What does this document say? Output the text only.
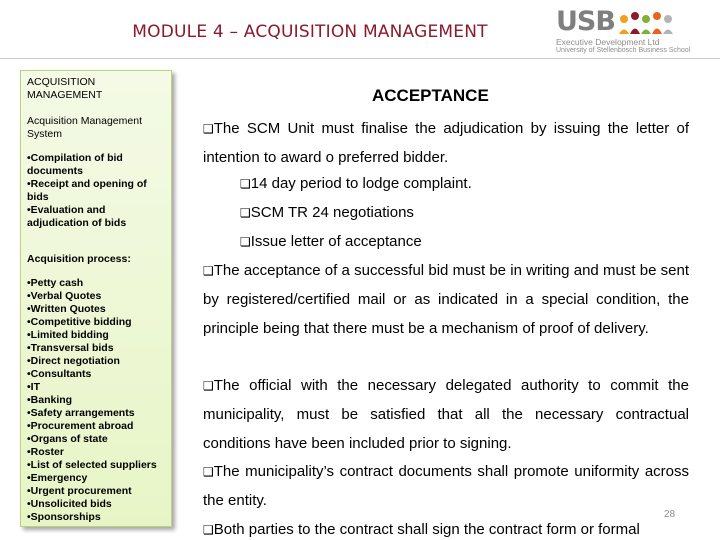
MODULE 4 – ACQUISITION MANAGEMENT	USB
Executive Development Ltd
University of Stellenbosch Business School
ACQUISITION MANAGEMENT
Acquisition Management System
•Compilation of bid documents
•Receipt and opening of bids
•Evaluation and adjudication of bids
Acquisition process:
•Petty cash
•Verbal Quotes
•Written Quotes
•Competitive bidding
•Limited bidding
•Transversal bids
•Direct negotiation
•Consultants
•IT
•Banking
•Safety arrangements
•Procurement abroad
•Organs of state
•Roster
•List of selected suppliers
•Emergency
•Urgent procurement
•Unsolicited bids
•Sponsorships
ACCEPTANCE
❑The SCM Unit must finalise the adjudication by issuing the letter of intention to award o preferred bidder.
❑14 day period to lodge complaint.
❑SCM TR 24 negotiations
❑Issue letter of acceptance
❑The acceptance of a successful bid must be in writing and must be sent by registered/certified mail or as indicated in a special condition, the principle being that there must be a mechanism of proof of delivery.
❑The official with the necessary delegated authority to commit the municipality, must be satisfied that all the necessary contractual conditions have been included prior to signing.
❑The municipality’s contract documents shall promote uniformity across the entity.
❑Both parties to the contract shall sign the contract form or formal
28
